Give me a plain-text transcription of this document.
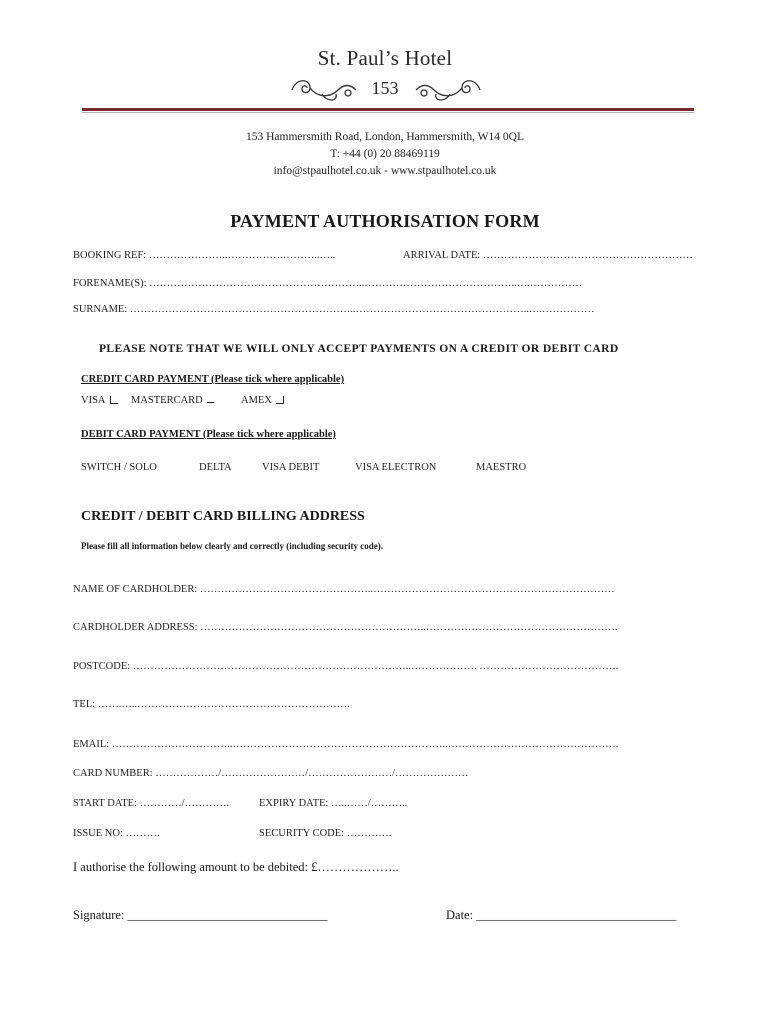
St. Paul’s Hotel
153
153 Hammersmith Road, London, Hammersmith, W14 0QL
T: +44 (0) 20 88469119
info@stpaulhotel.co.uk - www.stpaulhotel.co.uk
PAYMENT AUTHORISATION FORM
BOOKING REF: …………………..…………….………..…..	ARRIVAL DATE: ……………………………………………………
FORENAME(S): ……………………………………………………..……………………………………..….……………
SURNAME: ………………………………………………………..…………………………………………..….……………
PLEASE NOTE THAT WE WILL ONLY ACCEPT PAYMENTS ON A CREDIT OR DEBIT CARD
CREDIT CARD PAYMENT (Please tick where applicable)
VISA	MASTERCARD	AMEX
DEBIT CARD PAYMENT (Please tick where applicable)
SWITCH / SOLO	DELTA	VISA DEBIT	VISA ELECTRON	MAESTRO
CREDIT / DEBIT CARD BILLING ADDRESS
Please fill all information below clearly and correctly (including security code).
NAME OF CARDHOLDER: …………………………………………..……………………………………………………………
CARDHOLDER ADDRESS: ………………………………………………………..……………………………………………….
POSTCODE: ……………………………………………………………………..………………. ………………………………….
TEL: …….…..…………………………………………………….
EMAIL: ……………………………..……………………………………………………..………………………………………….
CARD NUMBER: ………………/……………………/……………………/…………………
START DATE: …………/………….	EXPIRY DATE: …..……/………..
ISSUE NO: ……….	SECURITY CODE: ………….
I authorise the following amount to be debited: £………………..
Signature: ________________________________	Date: ________________________________
